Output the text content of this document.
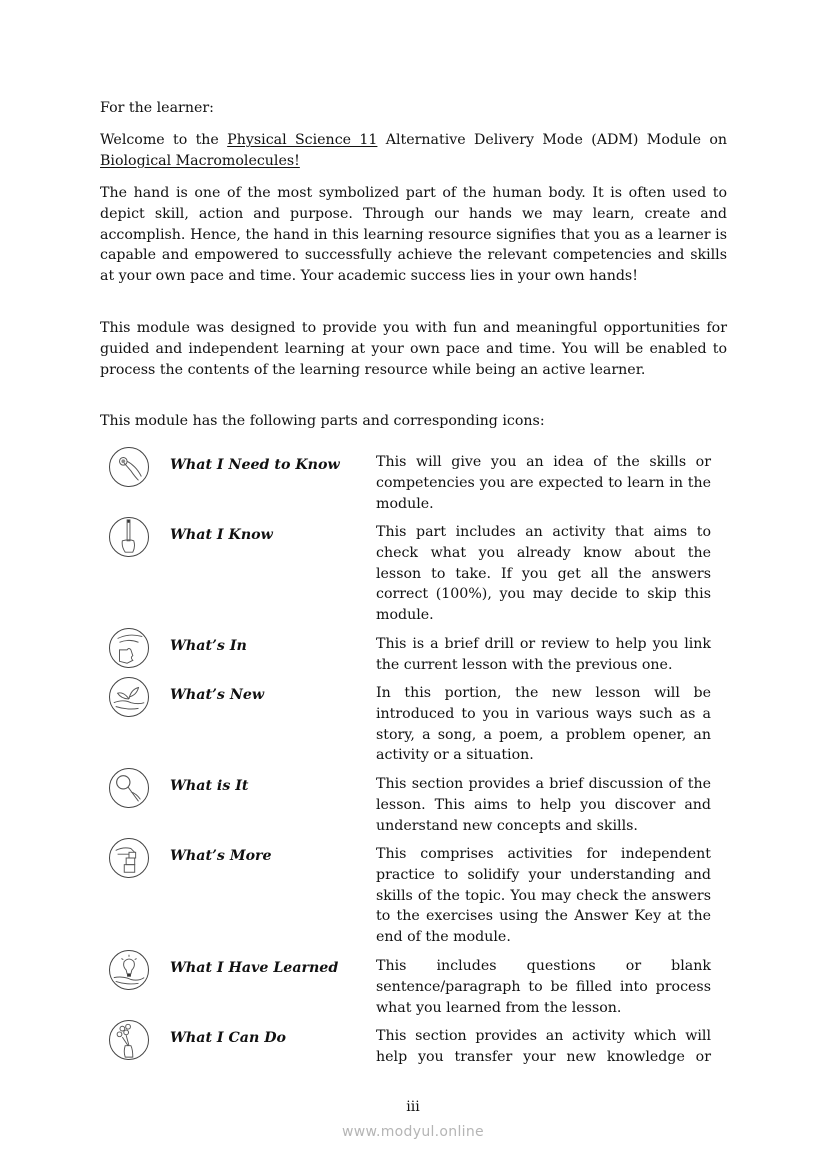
For the learner:

Welcome to the Physical Science 11 Alternative Delivery Mode (ADM) Module on Biological Macromolecules!

The hand is one of the most symbolized part of the human body. It is often used to depict skill, action and purpose. Through our hands we may learn, create and accomplish. Hence, the hand in this learning resource signifies that you as a learner is capable and empowered to successfully achieve the relevant competencies and skills at your own pace and time. Your academic success lies in your own hands!

This module was designed to provide you with fun and meaningful opportunities for guided and independent learning at your own pace and time. You will be enabled to process the contents of the learning resource while being an active learner.

This module has the following parts and corresponding icons:

What I Need to Know	This will give you an idea of the skills or competencies you are expected to learn in the module.
What I Know	This part includes an activity that aims to check what you already know about the lesson to take. If you get all the answers correct (100%), you may decide to skip this module.
What’s In	This is a brief drill or review to help you link the current lesson with the previous one.
What’s New	In this portion, the new lesson will be introduced to you in various ways such as a story, a song, a poem, a problem opener, an activity or a situation.
What is It	This section provides a brief discussion of the lesson. This aims to help you discover and understand new concepts and skills.
What’s More	This comprises activities for independent practice to solidify your understanding and skills of the topic. You may check the answers to the exercises using the Answer Key at the end of the module.
What I Have Learned	This includes questions or blank sentence/paragraph to be filled into process what you learned from the lesson.
What I Can Do	This section provides an activity which will help you transfer your new knowledge or
iii
www.modyul.online
